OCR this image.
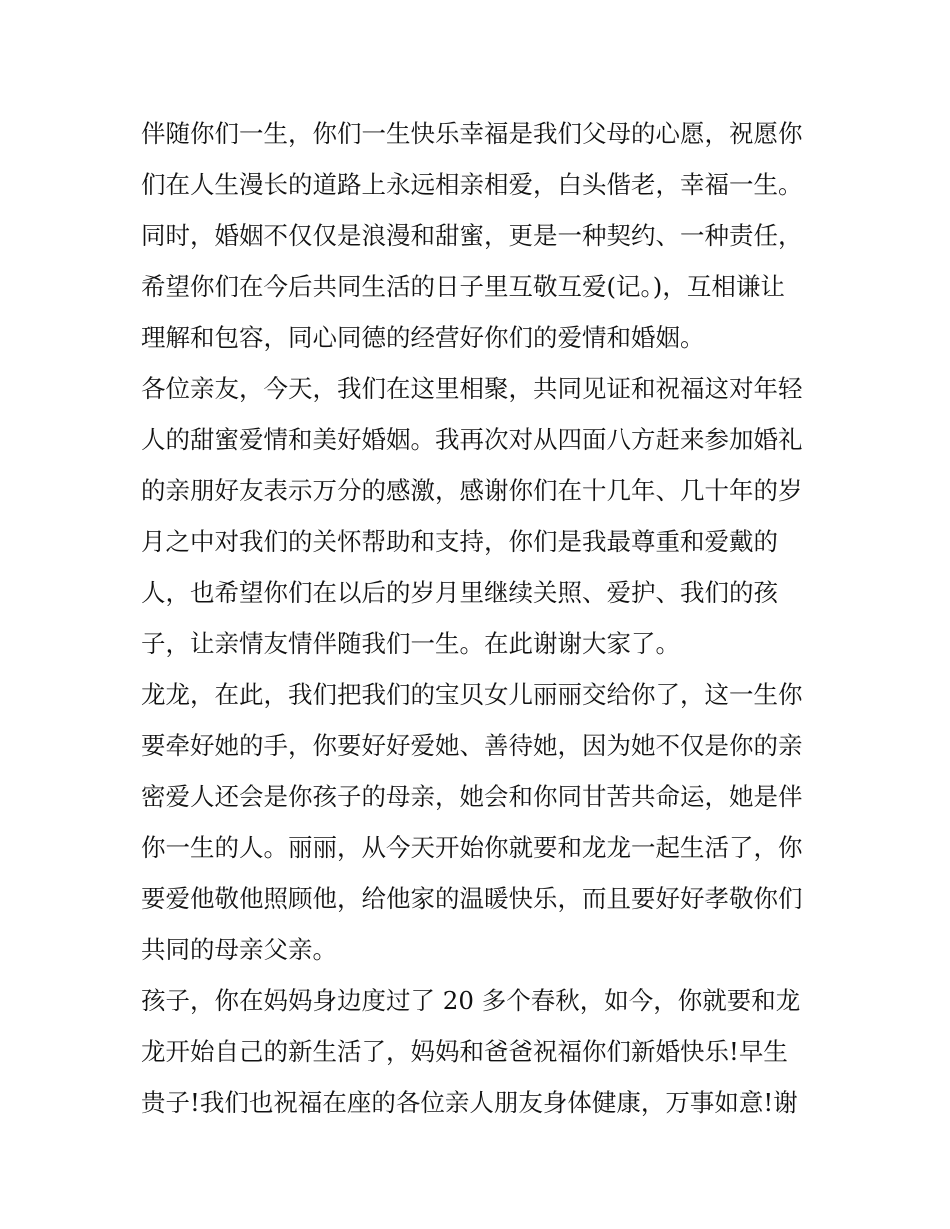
伴随你们一生，你们一生快乐幸福是我们父母的心愿，祝愿你
们在人生漫长的道路上永远相亲相爱，白头偕老，幸福一生。
同时，婚姻不仅仅是浪漫和甜蜜，更是一种契约、一种责任，
希望你们在今后共同生活的日子里互敬互爱(记。)，互相谦让
理解和包容，同心同德的经营好你们的爱情和婚姻。
各位亲友，今天，我们在这里相聚，共同见证和祝福这对年轻
人的甜蜜爱情和美好婚姻。我再次对从四面八方赶来参加婚礼
的亲朋好友表示万分的感激，感谢你们在十几年、几十年的岁
月之中对我们的关怀帮助和支持，你们是我最尊重和爱戴的
人，也希望你们在以后的岁月里继续关照、爱护、我们的孩
子，让亲情友情伴随我们一生。在此谢谢大家了。
龙龙，在此，我们把我们的宝贝女儿丽丽交给你了，这一生你
要牵好她的手，你要好好爱她、善待她，因为她不仅是你的亲
密爱人还会是你孩子的母亲，她会和你同甘苦共命运，她是伴
你一生的人。丽丽，从今天开始你就要和龙龙一起生活了，你
要爱他敬他照顾他，给他家的温暖快乐，而且要好好孝敬你们
共同的母亲父亲。
孩子，你在妈妈身边度过了 20 多个春秋，如今，你就要和龙
龙开始自己的新生活了，妈妈和爸爸祝福你们新婚快乐!早生
贵子!我们也祝福在座的各位亲人朋友身体健康，万事如意!谢
